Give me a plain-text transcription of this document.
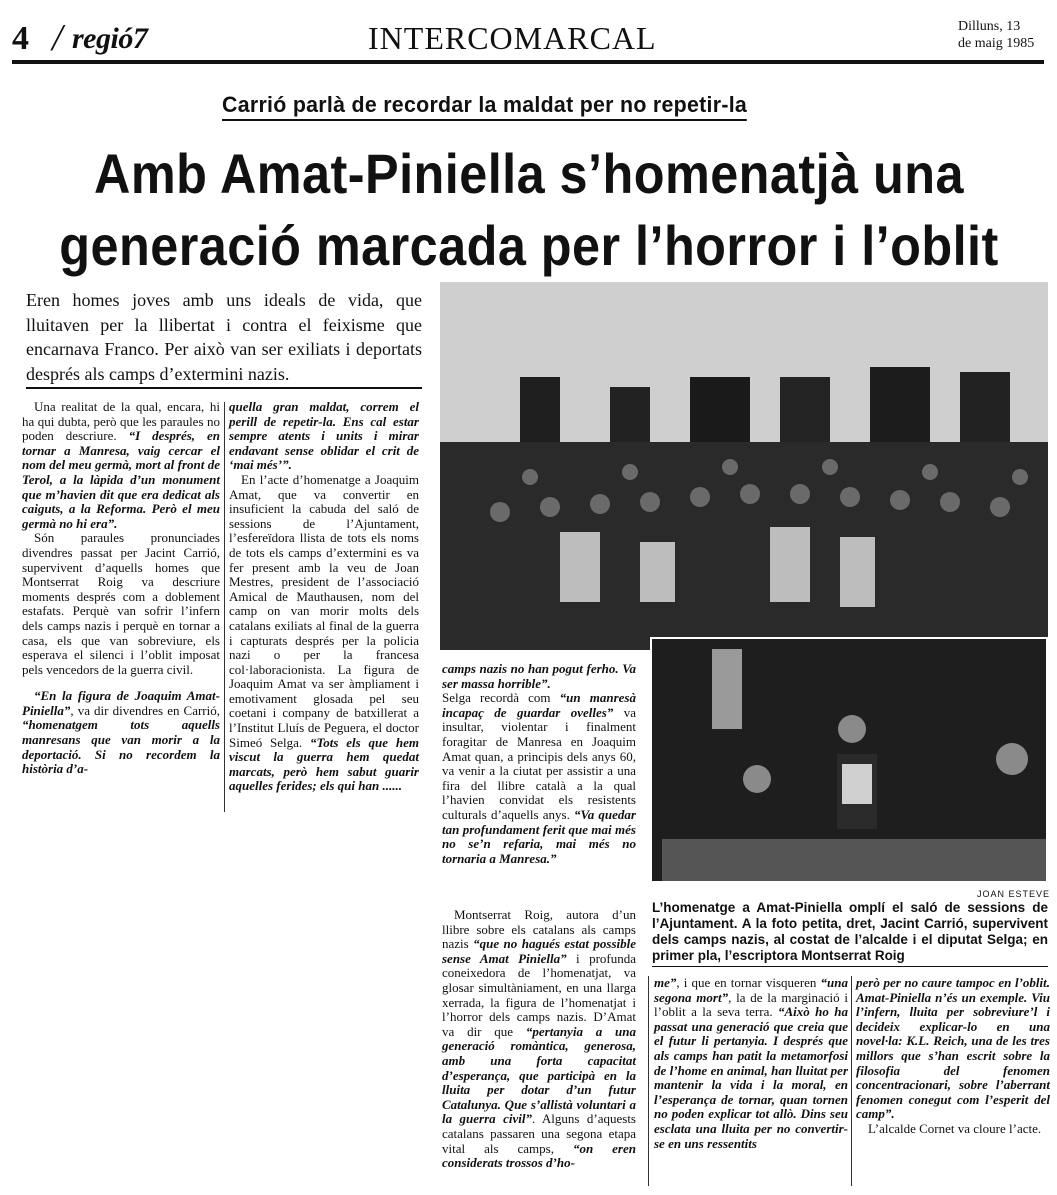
4 / regió7	INTERCOMARCAL	Dilluns, 13
de maig 1985
Carrió parlà de recordar la maldat per no repetir-la
Amb Amat-Piniella s’homenatjà una
generació marcada per l’horror i l’oblit
Eren homes joves amb uns ideals de vida, que lluitaven per la llibertat i contra el feixisme que encarnava Franco. Per això van ser exiliats i deportats després als camps d’extermini nazis.

Una realitat de la qual, encara, hi ha qui dubta, però que les paraules no poden descriure. “I després, en tornar a Manresa, vaig cercar el nom del meu germà, mort al front de Terol, a la làpida d’un monument que m’havien dit que era dedicat als caiguts, a la Reforma. Però el meu germà no hi era”.

Són paraules pronunciades divendres passat per Jacint Carrió, supervivent d’aquells homes que Montserrat Roig va descriure moments després com a doblement estafats. Perquè van sofrir l’infern dels camps nazis i perquè en tornar a casa, els que van sobreviure, els esperava el silenci i l’oblit imposat pels vencedors de la guerra civil.

“En la figura de Joaquim Amat-Piniella”, va dir divendres en Carrió, “homenatgem tots aquells manresans que van morir a la deportació. Si no recordem la història d’a-

quella gran maldat, correm el perill de repetir-la. Ens cal estar sempre atents i units i mirar endavant sense oblidar el crit de ‘mai més’”.

En l’acte d’homenatge a Joaquim Amat, que va convertir en insuficient la cabuda del saló de sessions de l’Ajuntament, l’esfereïdora llista de tots els noms de tots els camps d’extermini es va fer present amb la veu de Joan Mestres, president de l’associació Amical de Mauthausen, nom del camp on van morir molts dels catalans exiliats al final de la guerra i capturats després per la policia nazi o per la francesa col·laboracionista. La figura de Joaquim Amat va ser àmpliament i emotivament glosada pel seu coetani i company de batxillerat a l’Institut Lluís de Peguera, el doctor Simeó Selga. “Tots els que hem viscut la guerra hem quedat marcats, però hem sabut guarir aquelles ferides; els qui han ......

camps nazis no han pogut ferho. Va ser massa horrible”.

Selga recordà com “un manresà incapaç de guardar ovelles” va insultar, violentar i finalment foragitar de Manresa en Joaquim Amat quan, a principis dels anys 60, va venir a la ciutat per assistir a una fira del llibre català a la qual l’havien convidat els resistents culturals d’aquells anys. “Va quedar tan profundament ferit que mai més no se’n refaria, mai més no tornaria a Manresa.”

JOAN ESTEVE
L’homenatge a Amat-Piniella omplí el saló de sessions de l’Ajuntament. A la foto petita, dret, Jacint Carrió, supervivent dels camps nazis, al costat de l’alcalde i el diputat Selga; en primer pla, l’escriptora Montserrat Roig

Montserrat Roig, autora d’un llibre sobre els catalans als camps nazis “que no hagués estat possible sense Amat Piniella” i profunda coneixedora de l’homenatjat, va glosar simultàniament, en una llarga xerrada, la figura de l’homenatjat i l’horror dels camps nazis. D’Amat va dir que “pertanyia a una generació romàntica, generosa, amb una forta capacitat d’esperança, que participà en la lluita per dotar d’un futur Catalunya. Que s’allistà voluntari a la guerra civil”. Alguns d’aquests catalans passaren una segona etapa vital als camps, “on eren considerats trossos d’ho-

me”, i que en tornar visqueren “una segona mort”, la de la marginació i l’oblit a la seva terra. “Això ho ha passat una generació que creia que el futur li pertanyia. I després que als camps han patit la metamorfosi de l’home en animal, han lluitat per mantenir la vida i la moral, en l’esperança de tornar, quan tornen no poden explicar tot allò. Dins seu esclata una lluita per no convertir-se en uns ressentits

però per no caure tampoc en l’oblit. Amat-Piniella n’és un exemple. Viu l’infern, lluita per sobreviure’l i decideix explicar-lo en una novel·la: K.L. Reich, una de les tres millors que s’han escrit sobre la filosofia del fenomen concentracionari, sobre l’aberrant fenomen conegut com l’esperit del camp”.

L’alcalde Cornet va cloure l’acte.
